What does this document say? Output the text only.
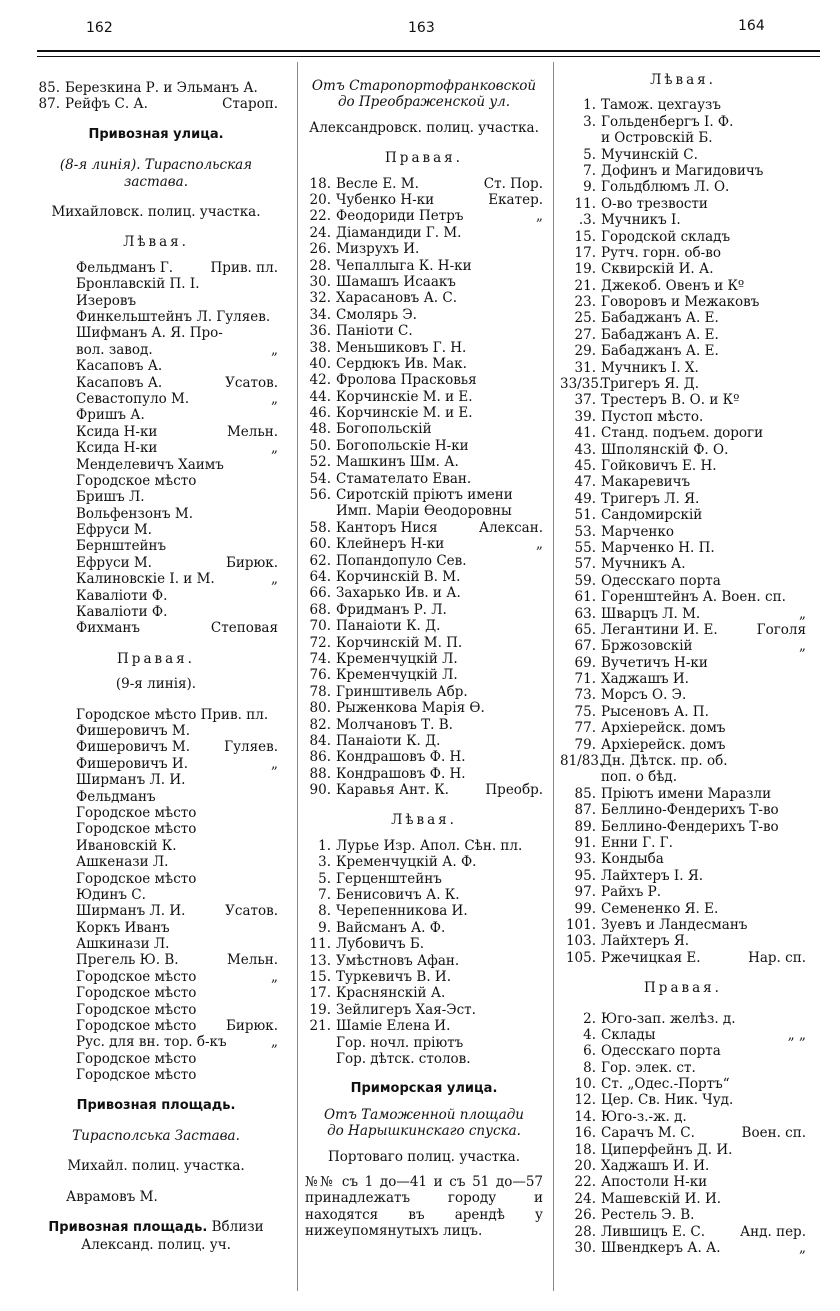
162	163	164
85. Березкина Р. и Эльманъ А.
87. Рейфъ С. А.	Староп.
Привозная улица.
(8-я линія). Тираспольская
застава.
Михайловск. полиц. участка.
Лѣвая.
Фельдманъ Г.	Прив. пл.
Бронлавскій П. І.
Изеровъ
Финкельштейнъ Л. Гуляев.
Шифманъ А. Я. Про-
вол. завод.	„
Касаповъ А.
Касаповъ А.	Усатов.
Севастопуло М.	„
Фришъ А.
Ксида Н-ки	Мельн.
Ксида Н-ки	„
Менделевичъ Хаимъ
Городское мѣсто
Бришъ Л.
Вольфензонъ М.
Ефруси М.
Бернштейнъ
Ефруси М.	Бирюк.
Калиновскіе І. и М.	„
Каваліоти Ф.
Каваліоти Ф.
Фихманъ	Степовая
Правая.
(9-я линія).
Городское мѣсто Прив. пл.
Фишеровичъ М.
Фишеровичъ М.	Гуляев.
Фишеровичъ И.	„
Ширманъ Л. И.
Фельдманъ
Городское мѣсто
Городское мѣсто
Ивановскій К.
Ашкенази Л.
Городское мѣсто
Юдинъ С.
Ширманъ Л. И.	Усатов.
Коркъ Иванъ
Ашкинази Л.
Прегель Ю. В.	Мельн.
Городское мѣсто	„
Городское мѣсто
Городское мѣсто
Городское мѣсто Бирюк.
Рус. для вн. тор. б-къ	„
Городское мѣсто
Городское мѣсто
Привозная площадь.
Тирасполська Застава.
Михайл. полиц. участка.
Аврамовъ М.
Привозная площадь. Вблизи
Александ. полиц. уч.
Отъ Старопортофранковской
до Преображенской ул.
Александровск. полиц. участка.
Правая.
18. Весле Е. М.	Ст. Пор.
20. Чубенко Н-ки	Екатер.
22. Феодориди Петръ	„
24. Діамандиди Г. М.
26. Мизрухъ И.
28. Чепаллыга К. Н-ки
30. Шамашъ Исаакъ
32. Харасановъ А. С.
34. Смолярь Э.
36. Паніоти С.
38. Меньшиковъ Г. Н.
40. Сердюкъ Ив. Мак.
42. Фролова Прасковья
44. Корчинскіе М. и Е.
46. Корчинскіе М. и Е.
48. Богопольскій
50. Богопольскіе Н-ки
52. Машкинъ Шм. А.
54. Стамателато Еван.
56. Сиротскій пріютъ имени
Имп. Маріи Ѳеодоровны
58. Канторъ Нися	Алексан.
60. Клейнеръ Н-ки	„
62. Попандопуло Сев.
64. Корчинскій В. М.
66. Захарько Ив. и А.
68. Фридманъ Р. Л.
70. Панаіоти К. Д.
72. Корчинскій М. П.
74. Кременчуцкій Л.
76. Кременчуцкій Л.
78. Гринштивель Абр.
80. Рыженкова Марія Ѳ.
82. Молчановъ Т. В.
84. Панаіоти К. Д.
86. Кондрашовъ Ф. Н.
88. Кондрашовъ Ф. Н.
90. Каравья Ант. К.	Преобр.
Лѣвая.
1. Лурье Изр. Апол. Сѣн. пл.
3. Кременчуцкій А. Ф.
5. Герценштейнъ
7. Бенисовичъ А. К.
8. Черепенникова И.
9. Вайсманъ А. Ф.
11. Лубовичъ Б.
13. Умѣстновъ Афан.
15. Туркевичъ В. И.
17. Краснянскій А.
19. Зейлигеръ Хая-Эст.
21. Шаміе Елена И.
Гор. ночл. пріютъ
Гор. дѣтск. столов.
Приморская улица.
Отъ Таможенной площади
до Нарышкинскаго спуска.
Портоваго полиц. участка.
№№ съ 1 до—41 и съ 51 до—57 принадлежатъ городу и находятся въ арендѣ у нижеупомянутыхъ лицъ.
Лѣвая.
1. Тамож. цехгаузъ
3. Гольденбергъ І. Ф.
и Островскій Б.
5. Мучинскій С.
7. Дофинъ и Магидовичъ
9. Гольдблюмъ Л. О.
11. О-во трезвости
.3. Мучникъ І.
15. Городской складъ
17. Рутч. горн. об-во
19. Сквирскій И. А.
21. Джекоб. Овенъ и Кº
23. Говоровъ и Межаковъ
25. Бабаджанъ А. Е.
27. Бабаджанъ А. Е.
29. Бабаджанъ А. Е.
31. Мучникъ І. Х.
33/35.Тригеръ Я. Д.
37. Трестеръ В. О. и Кº
39. Пустоп мѣсто.
41. Станд. подъем. дороги
43. Шполянскій Ф. О.
45. Гойковичъ Е. Н.
47. Макаревичъ
49. Тригеръ Л. Я.
51. Сандомирскій
53. Марченко
55. Марченко Н. П.
57. Мучникъ А.
59. Одесскаго порта
61. Горенштейнъ А. Воен. сп.
63. Шварцъ Л. М.	„
65. Легантини И. Е.	Гоголя
67. Бржозовскій	„
69. Вучетичъ Н-ки
71. Хаджашъ И.
73. Морсъ О. Э.
75. Рысеновъ А. П.
77. Архіерейск. домъ
79. Архіерейск. домъ
81/83.Дн. Дѣтск. пр. об.
поп. о бѣд.
85. Пріютъ имени Маразли
87. Беллино-Фендерихъ Т-во
89. Беллино-Фендерихъ Т-во
91. Енни Г. Г.
93. Кондыба
95. Лайхтеръ І. Я.
97. Райхъ Р.
99. Семененко Я. Е.
101. Зуевъ и Ландесманъ
103. Лайхтеръ Я.
105. Ржечицкая Е.	Нар. сп.
Правая.
2. Юго-зап. желѣз. д.
4. Склады	„ „
6. Одесскаго порта
8. Гор. элек. ст.
10. Ст. „Одес.-Портъ“
12. Цер. Св. Ник. Чуд.
14. Юго-з.-ж. д.
16. Сарачъ М. С.	Воен. сп.
18. Циперфейнъ Д. И.
20. Хаджашъ И. И.
22. Апостоли Н-ки
24. Машевскій И. И.
26. Рестель Э. В.
28. Лившицъ Е. С.	Анд. пер.
30. Швендкеръ А. А.	„
